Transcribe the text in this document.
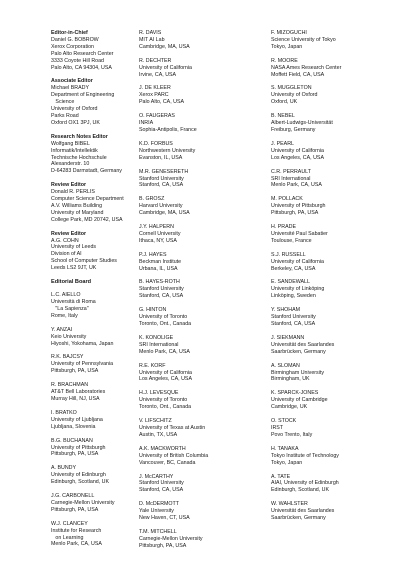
Editor-in-Chief
Daniel G. BOBROW
Xerox Corporation
Palo Alto Research Center
3333 Coyote Hill Road
Palo Alto, CA 94304, USA
Associate Editor
Michael BRADY
Department of Engineering
Science
University of Oxford
Parks Road
Oxford OX1 3PJ, UK
Research Notes Editor
Wolfgang BIBEL
Informatik/Intellektik
Technische Hochschule
Alexanderstr. 10
D-64283 Darmstadt, Germany
Review Editor
Donald R. PERLIS
Computer Science Department
A.V. Williams Building
University of Maryland
College Park, MD 20742, USA
Review Editor
A.G. COHN
University of Leeds
Division of AI
School of Computer Studies
Leeds LS2 9JT, UK
Editorial Board
L.C. AIELLO
Università di Roma
"La Sapienza"
Rome, Italy
Y. ANZAI
Keio University
Hiyoshi, Yokohama, Japan
R.K. BAJCSY
University of Pennsylvania
Pittsburgh, PA, USA
R. BRACHMAN
AT&T Bell Laboratories
Murray Hill, NJ, USA
I. BRATKO
University of Ljubljana
Ljubljana, Slovenia
B.G. BUCHANAN
University of Pittsburgh
Pittsburgh, PA, USA
A. BUNDY
University of Edinburgh
Edinburgh, Scotland, UK
J.G. CARBONELL
Carnegie-Mellon University
Pittsburgh, PA, USA
W.J. CLANCEY
Institute for Research
on Learning
Menlo Park, CA, USA
R. DAVIS
MIT AI Lab
Cambridge, MA, USA
R. DECHTER
University of California
Irvine, CA, USA
J. DE KLEER
Xerox PARC
Palo Alto, CA, USA
O. FAUGERAS
INRIA
Sophia-Antipolis, France
K.D. FORBUS
Northwestern University
Evanston, IL, USA
M.R. GENESERETH
Stanford University
Stanford, CA, USA
B. GROSZ
Harvard University
Cambridge, MA, USA
J.Y. HALPERN
Cornell University
Ithaca, NY, USA
P.J. HAYES
Beckman Institute
Urbana, IL, USA
B. HAYES-ROTH
Stanford University
Stanford, CA, USA
G. HINTON
University of Toronto
Toronto, Ont., Canada
K. KONOLIGE
SRI International
Menlo Park, CA, USA
R.E. KORF
University of California
Los Angeles, CA, USA
H.J. LEVESQUE
University of Toronto
Toronto, Ont., Canada
V. LIFSCHITZ
University of Texas at Austin
Austin, TX, USA
A.K. MACKWORTH
University of British Columbia
Vancouver, BC, Canada
J. McCARTHY
Stanford University
Stanford, CA, USA
D. McDERMOTT
Yale University
New Haven, CT, USA
T.M. MITCHELL
Carnegie-Mellon University
Pittsburgh, PA, USA
F. MIZOGUCHI
Science University of Tokyo
Tokyo, Japan
R. MOORE
NASA Ames Research Center
Moffett Field, CA, USA
S. MUGGLETON
University of Oxford
Oxford, UK
B. NEBEL
Albert-Ludwigs-Universität
Freiburg, Germany
J. PEARL
University of California
Los Angeles, CA, USA
C.R. PERRAULT
SRI International
Menlo Park, CA, USA
M. POLLACK
University of Pittsburgh
Pittsburgh, PA, USA
H. PRADE
Université Paul Sabatier
Toulouse, France
S.J. RUSSELL
University of California
Berkeley, CA, USA
E. SANDEWALL
University of Linköping
Linköping, Sweden
Y. SHOHAM
Stanford University
Stanford, CA, USA
J. SIEKMANN
Universität des Saarlandes
Saarbrücken, Germany
A. SLOMAN
Birmingham University
Birmingham, UK
K. SPARCK-JONES
University of Cambridge
Cambridge, UK
O. STOCK
IRST
Povo Trento, Italy
H. TANAKA
Tokyo Institute of Technology
Tokyo, Japan
A. TATE
AIAI, University of Edinburgh
Edinburgh, Scotland, UK
W. WAHLSTER
Universität des Saarlandes
Saarbrücken, Germany
